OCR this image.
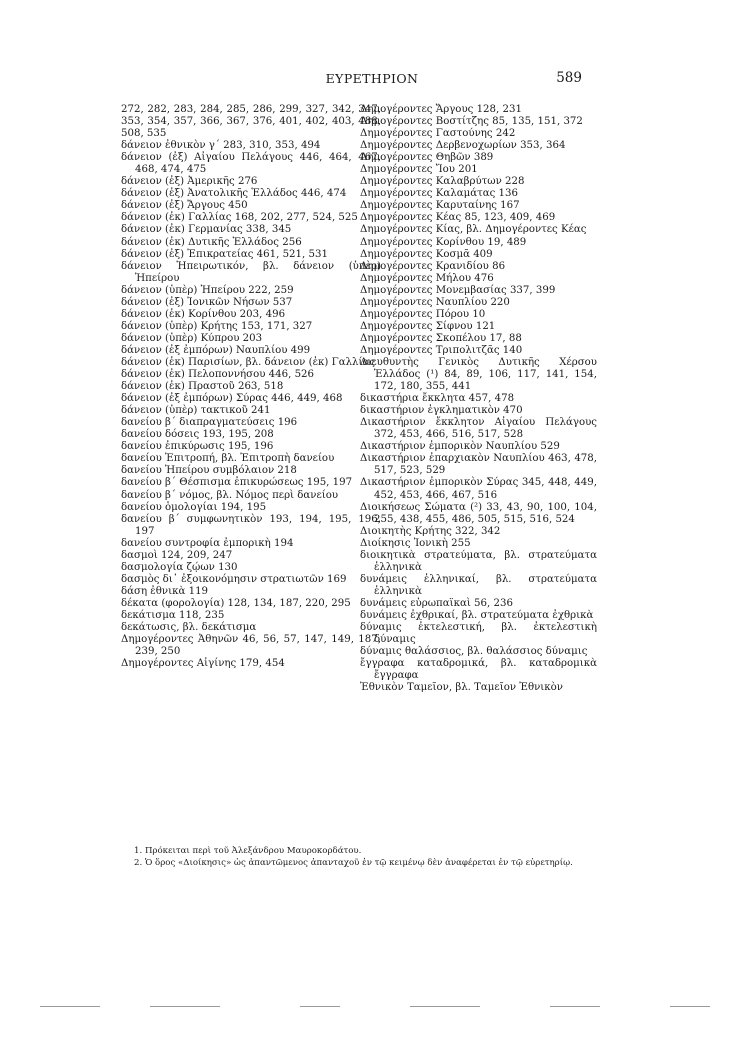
ΕΥΡΕΤΗΡΙΟΝ	589
272, 282, 283, 284, 285, 286, 299, 327, 342, 347, 353, 354, 357, 366, 367, 376, 401, 402, 403, 488, 508, 535
δάνειον ἐθνικὸν γ΄ 283, 310, 353, 494
δάνειον (ἐξ) Αἰγαίου Πελάγους 446, 464, 467, 468, 474, 475
δάνειον (ἐξ) Ἀμερικῆς 276
δάνειον (ἐξ) Ἀνατολικῆς Ἑλλάδος 446, 474
δάνειον (ἐξ) Ἄργους 450
δάνειον (ἐκ) Γαλλίας 168, 202, 277, 524, 525
δάνειον (ἐκ) Γερμανίας 338, 345
δάνειον (ἐκ) Δυτικῆς Ἑλλάδος 256
δάνειον (ἐξ) Ἐπικρατείας 461, 521, 531
δάνειον Ἠπειρωτικόν, βλ. δάνειον (ὑπὲρ) Ἠπείρου
δάνειον (ὑπὲρ) Ἠπείρου 222, 259
δάνειον (ἐξ) Ἰονικῶν Νήσων 537
δάνειον (ἐκ) Κορίνθου 203, 496
δάνειον (ὑπὲρ) Κρήτης 153, 171, 327
δάνειον (ὑπὲρ) Κύπρου 203
δάνειον (ἐξ ἐμπόρων) Ναυπλίου 499
δάνειον (ἐκ) Παρισίων, βλ. δάνειον (ἐκ) Γαλλίας
δάνειον (ἐκ) Πελοποννήσου 446, 526
δάνειον (ἐκ) Πραστοῦ 263, 518
δάνειον (ἐξ ἐμπόρων) Σύρας 446, 449, 468
δάνειον (ὑπὲρ) τακτικοῦ 241
δανείου β΄ διαπραγματεύσεις 196
δανείου δόσεις 193, 195, 208
δανείου ἐπικύρωσις 195, 196
δανείου Ἐπιτροπή, βλ. Ἐπιτροπὴ δανείου
δανείου Ἠπείρου συμβόλαιον 218
δανείου β΄ Θέσπισμα ἐπικυρώσεως 195, 197
δανείου β΄ νόμος, βλ. Νόμος περὶ δανείου
δανείου ὁμολογίαι 194, 195
δανείου β΄ συμφωνητικὸν 193, 194, 195, 196, 197
δανείου συντροφία ἐμπορικὴ 194
δασμοὶ 124, 209, 247
δασμολογία ζῴων 130
δασμὸς δι᾽ ἐξοικονόμησιν στρατιωτῶν 169
δάση ἐθνικὰ 119
δέκατα (φορολογία) 128, 134, 187, 220, 295
δεκάτισμα 118, 235
δεκάτωσις, βλ. δεκάτισμα
Δημογέροντες Ἀθηνῶν 46, 56, 57, 147, 149, 187, 239, 250
Δημογέροντες Αἰγίνης 179, 454
Δημογέροντες Ἄργους 128, 231
Δημογέροντες Βοστίτζης 85, 135, 151, 372
Δημογέροντες Γαστούνης 242
Δημογέροντες Δερβενοχωρίων 353, 364
Δημογέροντες Θηβῶν 389
Δημογέροντες Ἴου 201
Δημογέροντες Καλαβρύτων 228
Δημογέροντες Καλαμάτας 136
Δημογέροντες Καρυταίνης 167
Δημογέροντες Κέας 85, 123, 409, 469
Δημογέροντες Κίας, βλ. Δημογέροντες Κέας
Δημογέροντες Κορίνθου 19, 489
Δημογέροντες Κοσμᾶ 409
Δημογέροντες Κρανιδίου 86
Δημογέροντες Μήλου 476
Δημογέροντες Μονεμβασίας 337, 399
Δημογέροντες Ναυπλίου 220
Δημογέροντες Πόρου 10
Δημογέροντες Σίφνου 121
Δημογέροντες Σκοπέλου 17, 88
Δημογέροντες Τριπολιτζᾶς 140
Διευθυντὴς Γενικὸς Δυτικῆς Χέρσου Ἑλλάδος (¹) 84, 89, 106, 117, 141, 154, 172, 180, 355, 441
δικαστήρια ἔκκλητα 457, 478
δικαστήριον ἐγκληματικὸν 470
Δικαστήριον ἔκκλητον Αἰγαίου Πελάγους 372, 453, 466, 516, 517, 528
Δικαστήριον ἐμπορικὸν Ναυπλίου 529
Δικαστήριον ἐπαρχιακὸν Ναυπλίου 463, 478, 517, 523, 529
Δικαστήριον ἐμπορικὸν Σύρας 345, 448, 449, 452, 453, 466, 467, 516
Διοικήσεως Σώματα (²) 33, 43, 90, 100, 104, 255, 438, 455, 486, 505, 515, 516, 524
Διοικητὴς Κρήτης 322, 342
Διοίκησις Ἰονικὴ 255
διοικητικὰ στρατεύματα, βλ. στρατεύματα ἑλληνικὰ
δυνάμεις ἑλληνικαί, βλ. στρατεύματα ἑλληνικὰ
δυνάμεις εὐρωπαϊκαὶ 56, 236
δυνάμεις ἐχθρικαί, βλ. στρατεύματα ἐχθρικὰ
δύναμις ἐκτελεστική, βλ. ἐκτελεστικὴ δύναμις
δύναμις θαλάσσιος, βλ. θαλάσσιος δύναμις
ἔγγραφα καταδρομικά, βλ. καταδρομικὰ ἔγγραφα
Ἐθνικὸν Ταμεῖον, βλ. Ταμεῖον Ἐθνικὸν
1. Πρόκειται περὶ τοῦ Ἀλεξάνδρου Μαυροκορδάτου.
2. Ὁ ὅρος «Διοίκησις» ὡς ἀπαντῶμενος ἁπανταχοῦ ἐν τῷ κειμένῳ δὲν ἀναφέρεται ἐν τῷ εὑρετηρίῳ.
